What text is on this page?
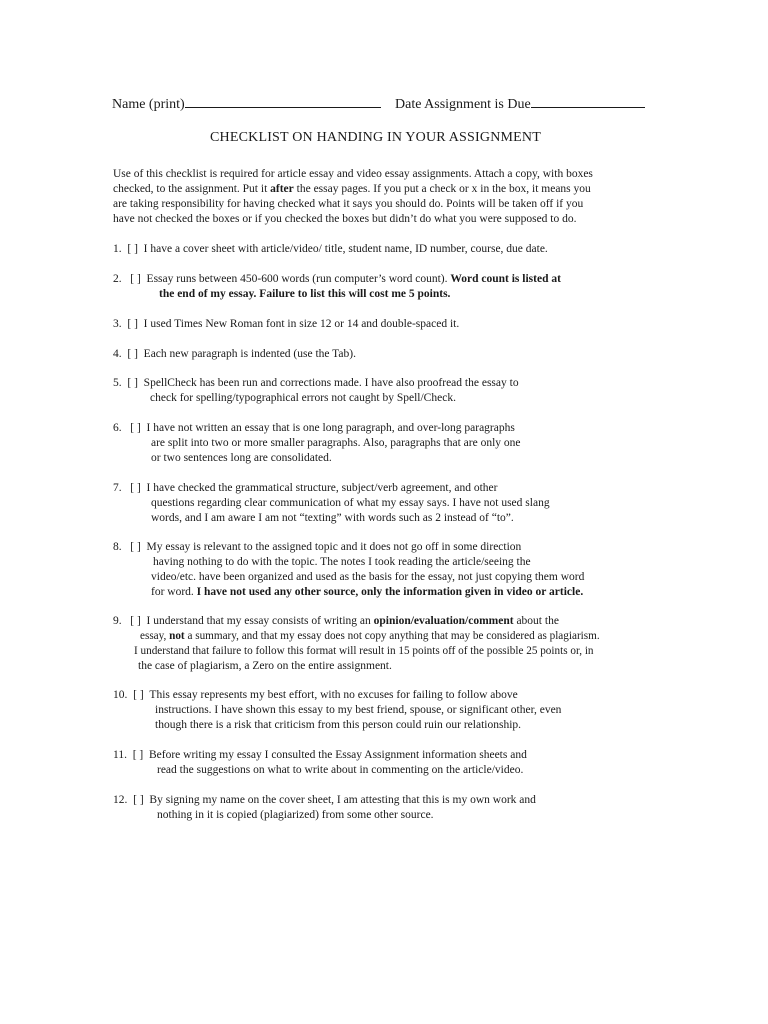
Name (print)	Date Assignment is Due
CHECKLIST ON HANDING IN YOUR ASSIGNMENT
Use of this checklist is required for article essay and video essay assignments. Attach a copy, with boxes
checked, to the assignment. Put it after the essay pages. If you put a check or x in the box, it means you
are taking responsibility for having checked what it says you should do. Points will be taken off if you
have not checked the boxes or if you checked the boxes but didn’t do what you were supposed to do.
1. [ ] I have a cover sheet with article/video/ title, student name, ID number, course, due date.
2. [ ] Essay runs between 450-600 words (run computer’s word count). Word count is listed at
the end of my essay. Failure to list this will cost me 5 points.
3. [ ] I used Times New Roman font in size 12 or 14 and double-spaced it.
4. [ ] Each new paragraph is indented (use the Tab).
5. [ ] SpellCheck has been run and corrections made. I have also proofread the essay to
check for spelling/typographical errors not caught by Spell/Check.
6. [ ] I have not written an essay that is one long paragraph, and over-long paragraphs
are split into two or more smaller paragraphs. Also, paragraphs that are only one
or two sentences long are consolidated.
7. [ ] I have checked the grammatical structure, subject/verb agreement, and other
questions regarding clear communication of what my essay says. I have not used slang
words, and I am aware I am not “texting” with words such as 2 instead of “to”.
8. [ ] My essay is relevant to the assigned topic and it does not go off in some direction
having nothing to do with the topic. The notes I took reading the article/seeing the
video/etc. have been organized and used as the basis for the essay, not just copying them word
for word. I have not used any other source, only the information given in video or article.
9. [ ] I understand that my essay consists of writing an opinion/evaluation/comment about the
essay, not a summary, and that my essay does not copy anything that may be considered as plagiarism.
I understand that failure to follow this format will result in 15 points off of the possible 25 points or, in
the case of plagiarism, a Zero on the entire assignment.
10. [ ] This essay represents my best effort, with no excuses for failing to follow above
instructions. I have shown this essay to my best friend, spouse, or significant other, even
though there is a risk that criticism from this person could ruin our relationship.
11. [ ] Before writing my essay I consulted the Essay Assignment information sheets and
read the suggestions on what to write about in commenting on the article/video.
12. [ ] By signing my name on the cover sheet, I am attesting that this is my own work and
nothing in it is copied (plagiarized) from some other source.
